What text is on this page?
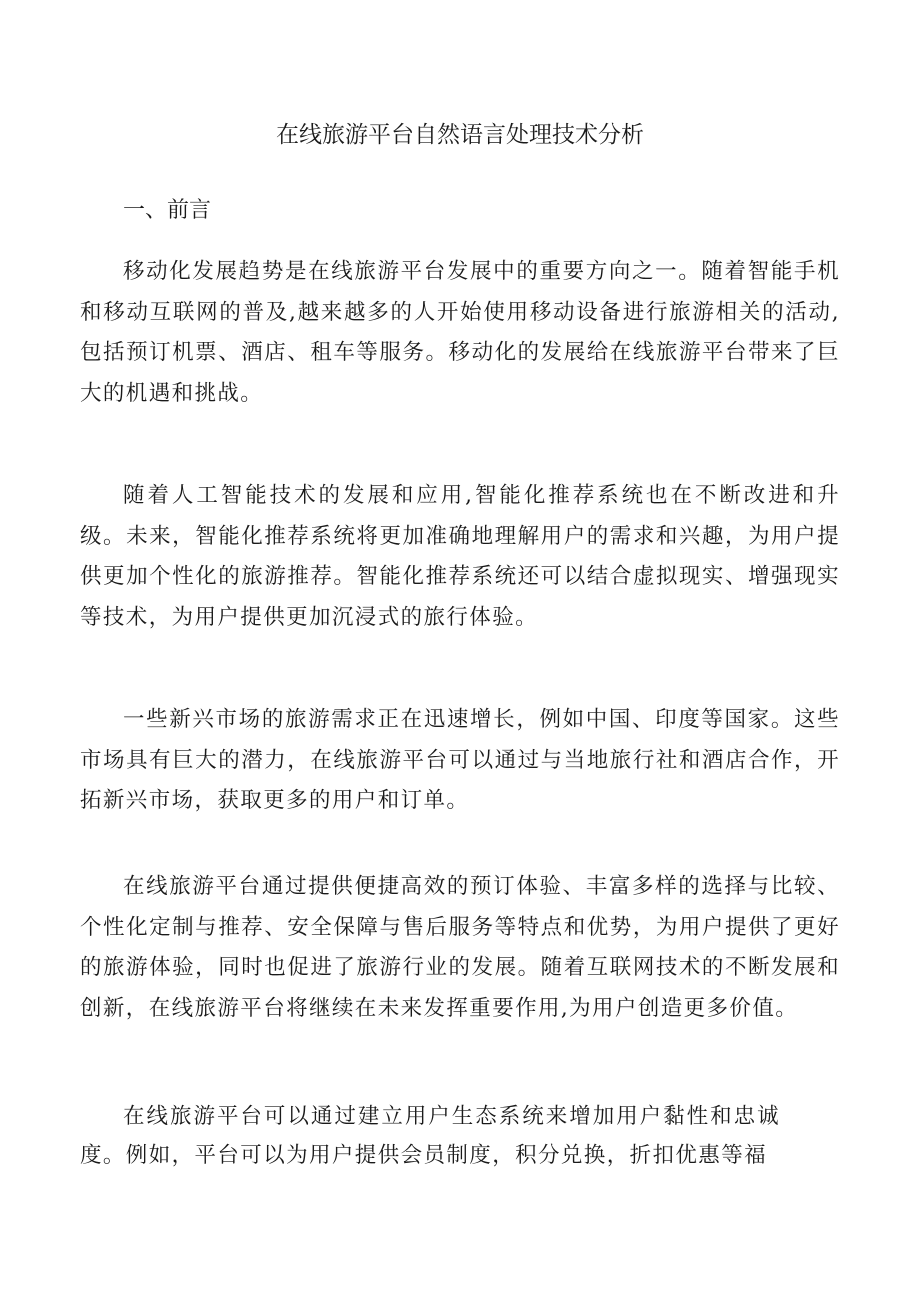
在线旅游平台自然语言处理技术分析
一、前言

移动化发展趋势是在线旅游平台发展中的重要方向之一。随着智能手机和移动互联网的普及,越来越多的人开始使用移动设备进行旅游相关的活动,包括预订机票、酒店、租车等服务。移动化的发展给在线旅游平台带来了巨大的机遇和挑战。

随着人工智能技术的发展和应用,智能化推荐系统也在不断改进和升级。未来，智能化推荐系统将更加准确地理解用户的需求和兴趣，为用户提供更加个性化的旅游推荐。智能化推荐系统还可以结合虚拟现实、增强现实等技术，为用户提供更加沉浸式的旅行体验。

一些新兴市场的旅游需求正在迅速增长，例如中国、印度等国家。这些市场具有巨大的潜力，在线旅游平台可以通过与当地旅行社和酒店合作，开拓新兴市场，获取更多的用户和订单。

在线旅游平台通过提供便捷高效的预订体验、丰富多样的选择与比较、个性化定制与推荐、安全保障与售后服务等特点和优势，为用户提供了更好的旅游体验，同时也促进了旅游行业的发展。随着互联网技术的不断发展和创新，在线旅游平台将继续在未来发挥重要作用,为用户创造更多价值。

在线旅游平台可以通过建立用户生态系统来增加用户黏性和忠诚度。例如，平台可以为用户提供会员制度，积分兑换，折扣优惠等福
